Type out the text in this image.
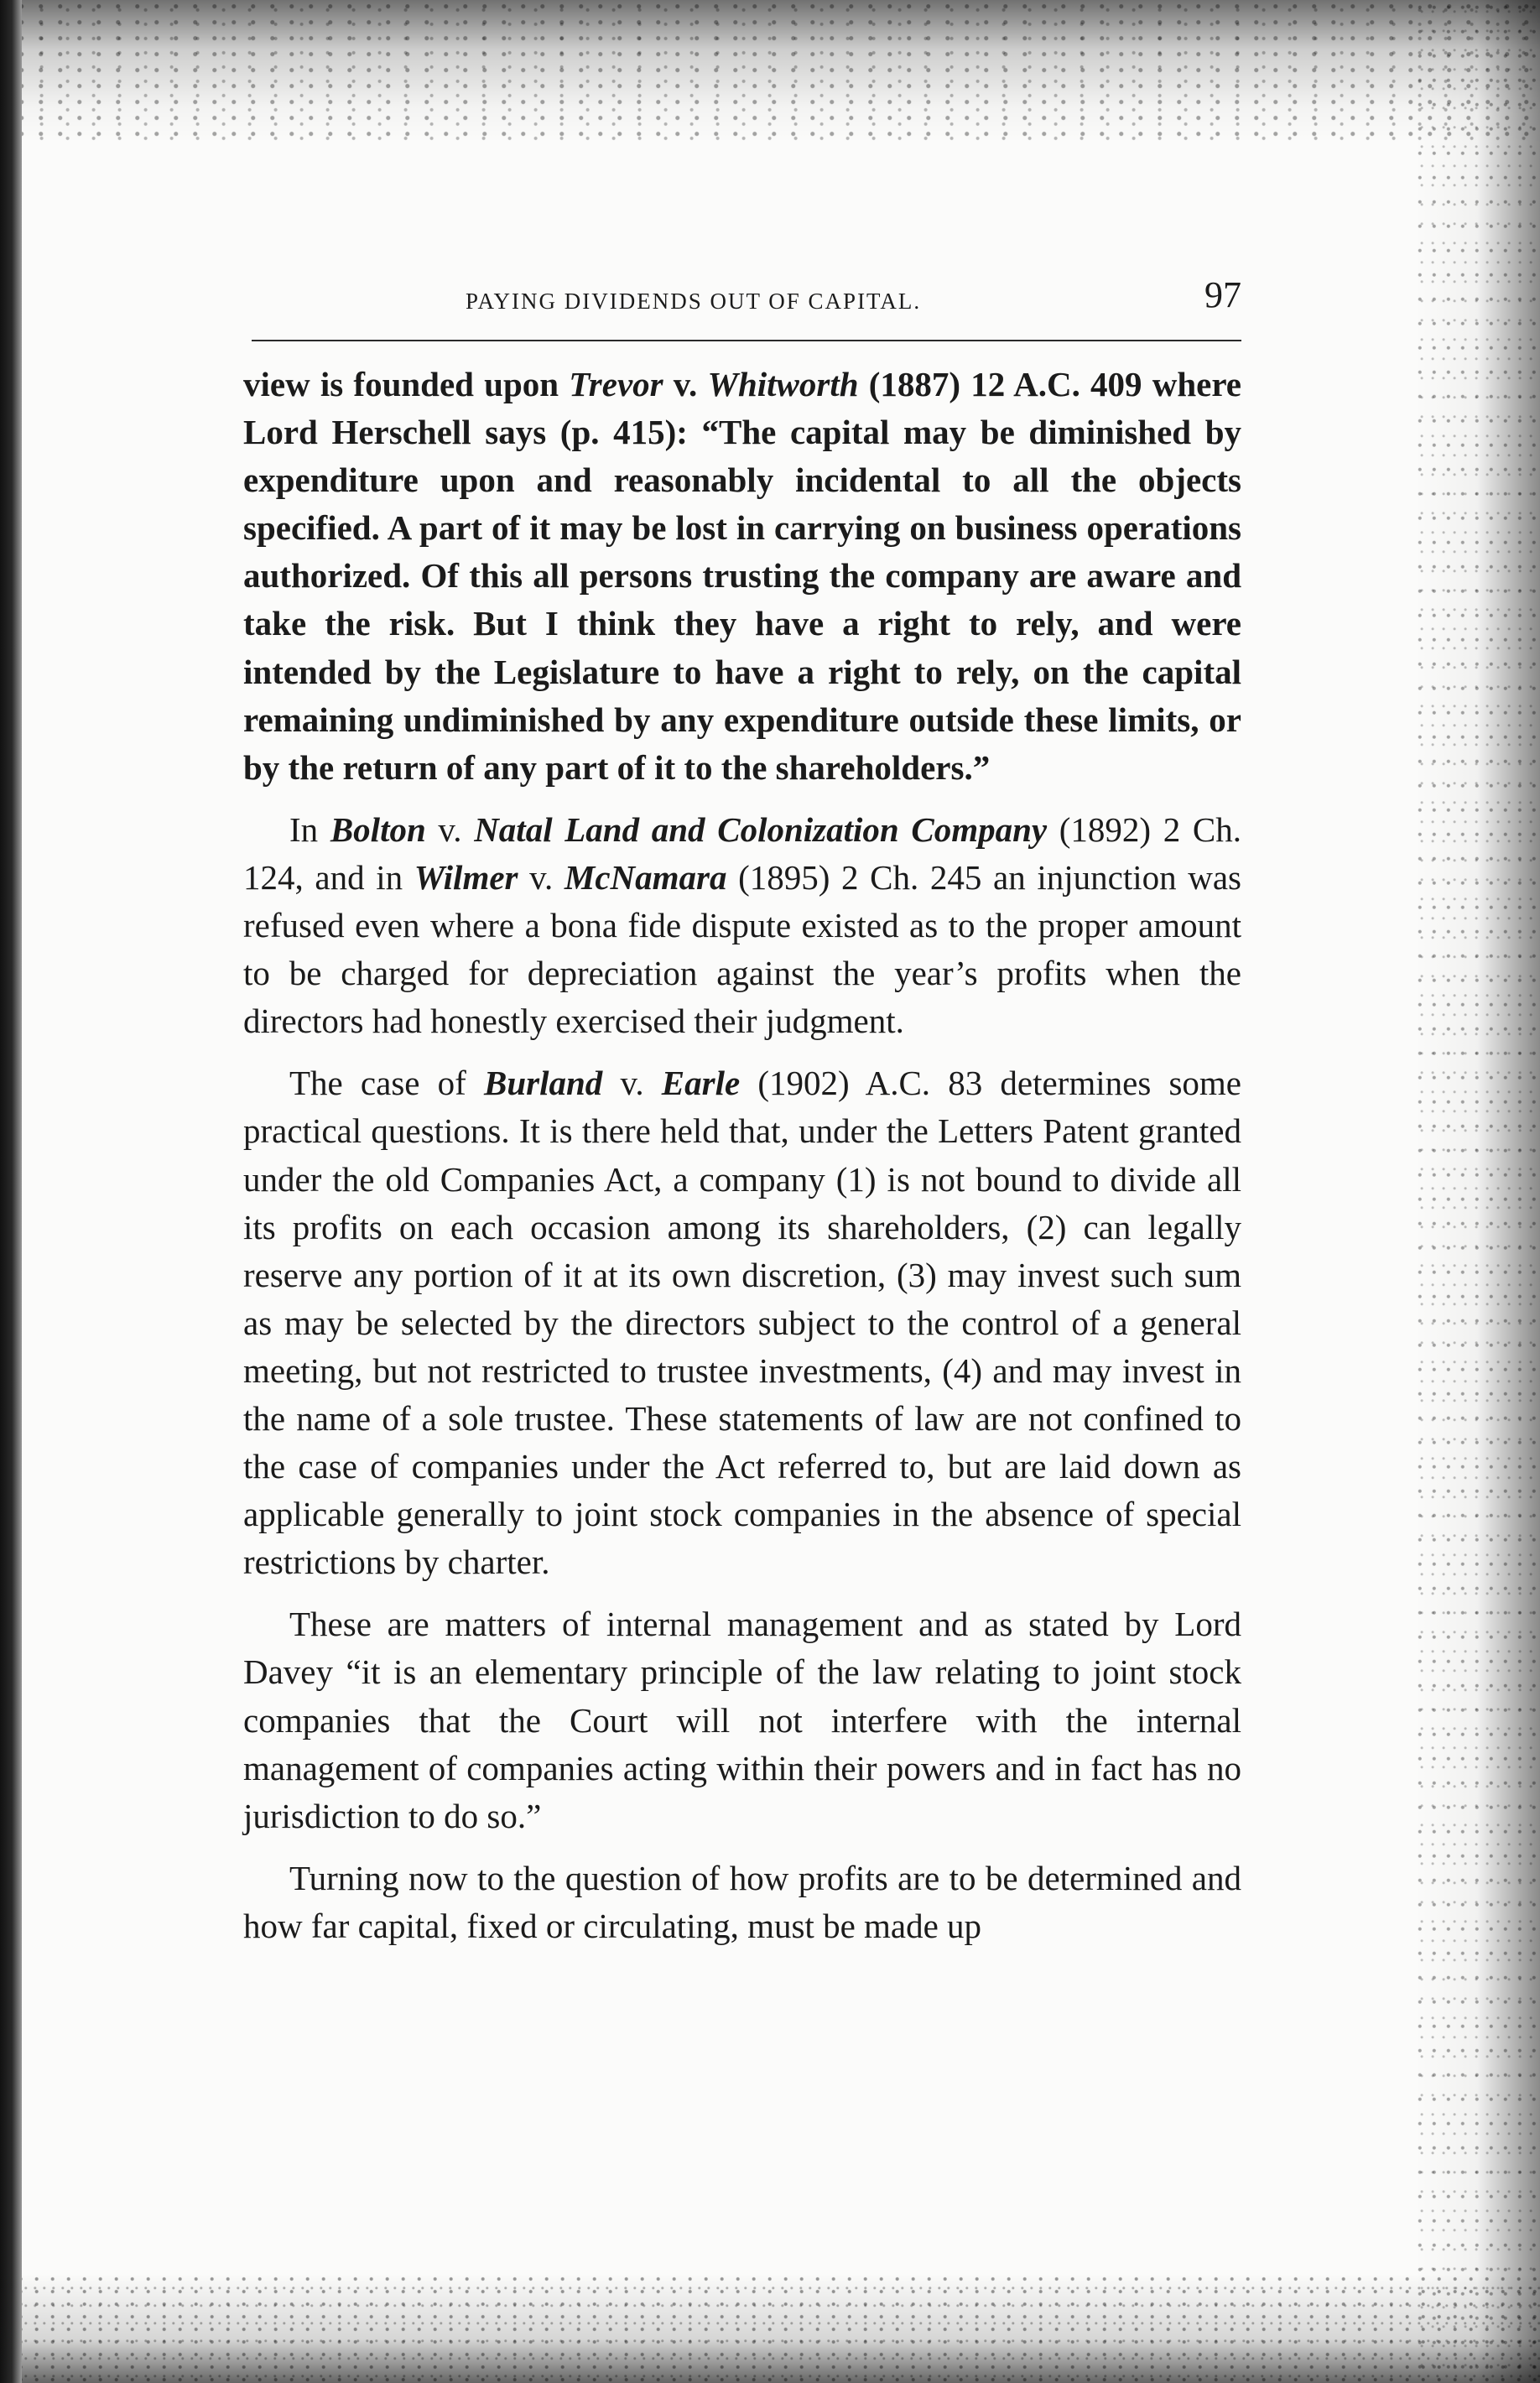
PAYING DIVIDENDS OUT OF CAPITAL.	97

view is founded upon Trevor v. Whitworth (1887) 12 A.C. 409 where Lord Herschell says (p. 415): “The capital may be diminished by expenditure upon and reasonably incidental to all the objects specified. A part of it may be lost in carrying on business operations authorized. Of this all persons trusting the company are aware and take the risk. But I think they have a right to rely, and were intended by the Legislature to have a right to rely, on the capital remaining undiminished by any expenditure outside these limits, or by the return of any part of it to the shareholders.”

In Bolton v. Natal Land and Colonization Company (1892) 2 Ch. 124, and in Wilmer v. McNamara (1895) 2 Ch. 245 an injunction was refused even where a bona fide dispute existed as to the proper amount to be charged for depreciation against the year’s profits when the directors had honestly exercised their judgment.

The case of Burland v. Earle (1902) A.C. 83 determines some practical questions. It is there held that, under the Letters Patent granted under the old Companies Act, a company (1) is not bound to divide all its profits on each occasion among its shareholders, (2) can legally reserve any portion of it at its own discretion, (3) may invest such sum as may be selected by the directors subject to the control of a general meeting, but not restricted to trustee investments, (4) and may invest in the name of a sole trustee. These statements of law are not confined to the case of companies under the Act referred to, but are laid down as applicable generally to joint stock companies in the absence of special restrictions by charter.

These are matters of internal management and as stated by Lord Davey “it is an elementary principle of the law relating to joint stock companies that the Court will not interfere with the internal management of companies acting within their powers and in fact has no jurisdiction to do so.”

Turning now to the question of how profits are to be determined and how far capital, fixed or circulating, must be made up
